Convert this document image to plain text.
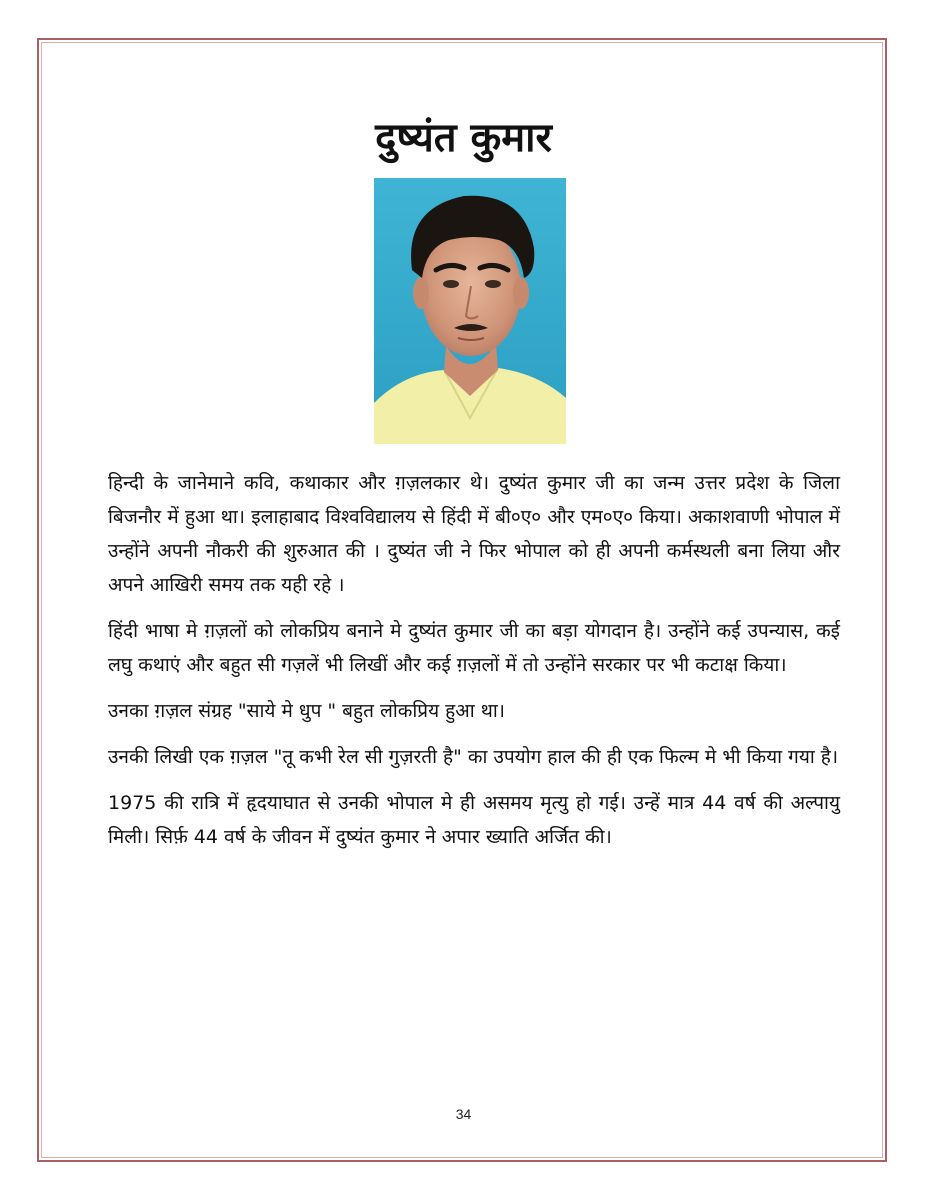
दुष्यंत कुमार

हिन्दी के जानेमाने कवि, कथाकार और ग़ज़लकार थे। दुष्यंत कुमार जी का जन्म उत्तर प्रदेश के जिला बिजनौर में हुआ था। इलाहाबाद विश्वविद्यालय से हिंदी में बी०ए० और एम०ए० किया। अकाशवाणी भोपाल में उन्होंने अपनी नौकरी की शुरुआत की । दुष्यंत जी ने फिर भोपाल को ही अपनी कर्मस्थली बना लिया और अपने आखिरी समय तक यही रहे ।

हिंदी भाषा मे ग़ज़लों को लोकप्रिय बनाने मे दुष्यंत कुमार जी का बड़ा योगदान है। उन्होंने कई उपन्यास, कई लघु कथाएं और बहुत सी गज़लें भी लिखीं और कई ग़ज़लों में तो उन्होंने सरकार पर भी कटाक्ष किया।

उनका ग़ज़ल संग्रह "साये मे धुप " बहुत लोकप्रिय हुआ था।

उनकी लिखी एक ग़ज़ल "तू कभी रेल सी गुज़रती है" का उपयोग हाल की ही एक फिल्म मे भी किया गया है।

1975 की रात्रि में हृदयाघात से उनकी भोपाल मे ही असमय मृत्यु हो गई। उन्हें मात्र 44 वर्ष की अल्पायु मिली। सिर्फ़ 44 वर्ष के जीवन में दुष्यंत कुमार ने अपार ख्याति अर्जित की।

34
